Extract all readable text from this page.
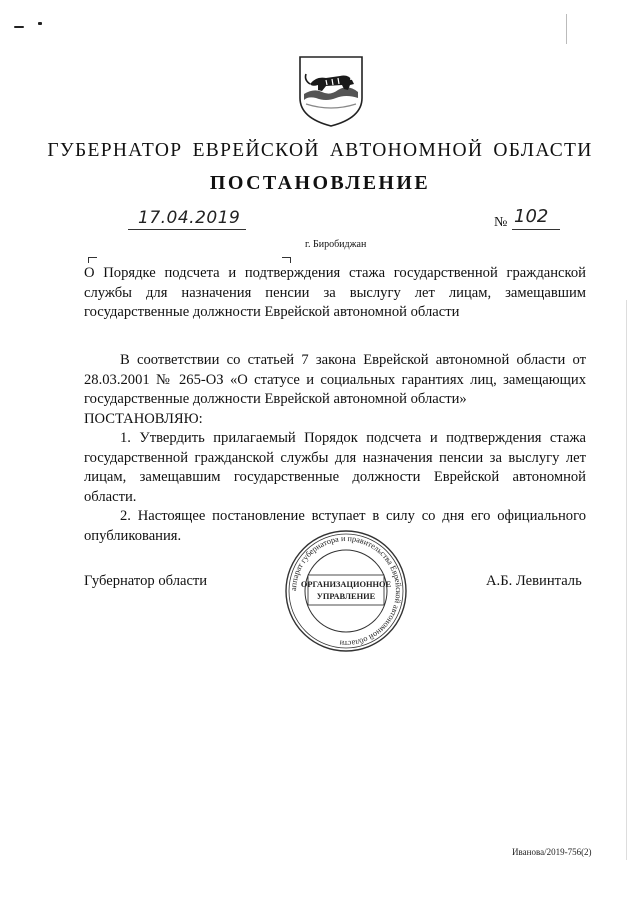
ГУБЕРНАТОР ЕВРЕЙСКОЙ АВТОНОМНОЙ ОБЛАСТИ
ПОСТАНОВЛЕНИЕ
17.04.2019	№ 102
г. Биробиджан

О Порядке подсчета и подтверждения стажа государственной гражданской службы для назначения пенсии за выслугу лет лицам, замещавшим государственные должности Еврейской автономной области

В соответствии со статьей 7 закона Еврейской автономной области от 28.03.2001 № 265-ОЗ «О статусе и социальных гарантиях лиц, замещающих государственные должности Еврейской автономной области»

ПОСТАНОВЛЯЮ:

1. Утвердить прилагаемый Порядок подсчета и подтверждения стажа государственной гражданской службы для назначения пенсии за выслугу лет лицам, замещавшим государственные должности Еврейской автономной области.

2. Настоящее постановление вступает в силу со дня его официального опубликования.

Губернатор области	А.Б. Левинталь
аппарат губернатора и правительства Еврейской автономной области
ОРГАНИЗАЦИОННОЕ
УПРАВЛЕНИЕ
Иванова/2019-756(2)
